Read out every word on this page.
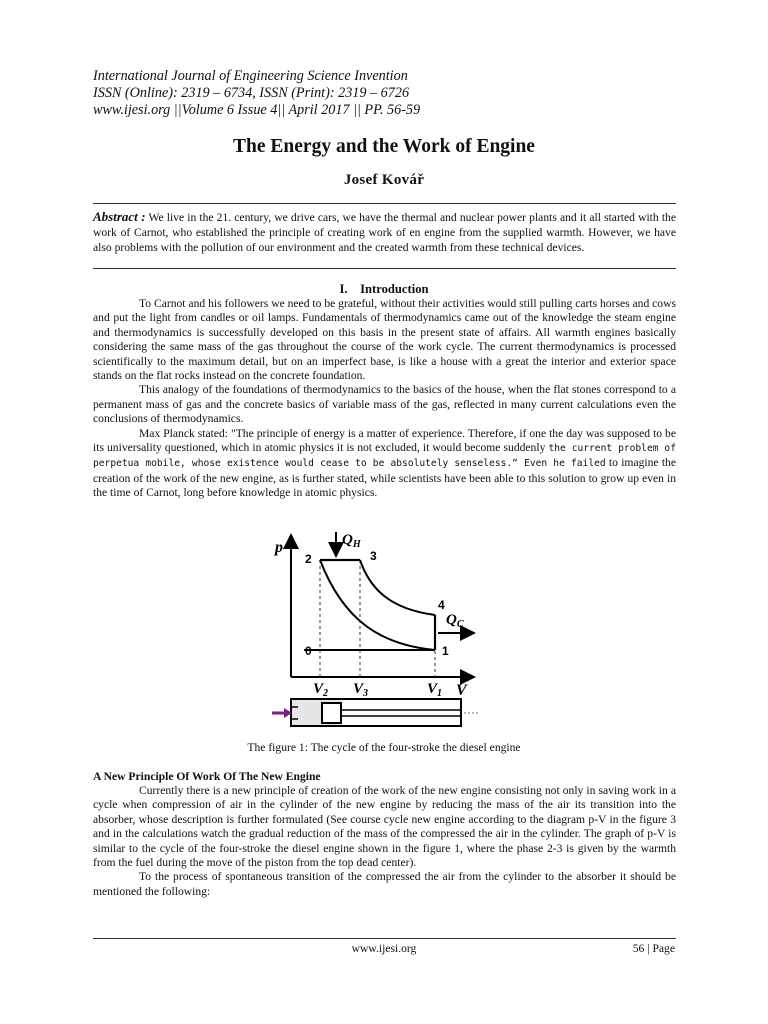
International Journal of Engineering Science Invention
ISSN (Online): 2319 – 6734, ISSN (Print): 2319 – 6726
www.ijesi.org ||Volume 6 Issue 4|| April 2017 || PP. 56-59
The Energy and the Work of Engine
Josef Kovář
Abstract : We live in the 21. century, we drive cars, we have the thermal and nuclear power plants and it all started with the work of Carnot, who established the principle of creating work of en engine from the supplied warmth. However, we have also problems with the pollution of our environment and the created warmth from these technical devices.
I. Introduction

To Carnot and his followers we need to be grateful, without their activities would still pulling carts horses and cows and put the light from candles or oil lamps. Fundamentals of thermodynamics came out of the knowledge the steam engine and thermodynamics is successfully developed on this basis in the present state of affairs. All warmth engines basically considering the same mass of the gas throughout the course of the work cycle. The current thermodynamics is processed scientifically to the maximum detail, but on an imperfect base, is like a house with a great the interior and exterior space stands on the flat rocks instead on the concrete foundation.

This analogy of the foundations of thermodynamics to the basics of the house, when the flat stones correspond to a permanent mass of gas and the concrete basics of variable mass of the gas, reflected in many current calculations even the conclusions of thermodynamics.

Max Planck stated: "The principle of energy is a matter of experience. Therefore, if one the day was supposed to be its universality questioned, which in atomic physics it is not excluded, it would become suddenly the current problem of perpetua mobile, whose existence would cease to be absolutely senseless.“ Even he failed to imagine the creation of the work of the new engine, as is further stated, while scientists have been able to this solution to grow up even in the time of Carnot, long before knowledge in atomic physics.

p
V
$Q_H$
$Q_C$
2	3
4
1
0
$V_2$ $V_3$	$V_1$
The figure 1: The cycle of the four-stroke the diesel engine
A New Principle Of Work Of The New Engine

Currently there is a new principle of creation of the work of the new engine consisting not only in saving work in a cycle when compression of air in the cylinder of the new engine by reducing the mass of the air its transition into the absorber, whose description is further formulated (See course cycle new engine according to the diagram p-V in the figure 3 and in the calculations watch the gradual reduction of the mass of the compressed the air in the cylinder. The graph of p-V is similar to the cycle of the four-stroke the diesel engine shown in the figure 1, where the phase 2-3 is given by the warmth from the fuel during the move of the piston from the top dead center).

To the process of spontaneous transition of the compressed the air from the cylinder to the absorber it should be mentioned the following:

www.ijesi.org	56 | Page
